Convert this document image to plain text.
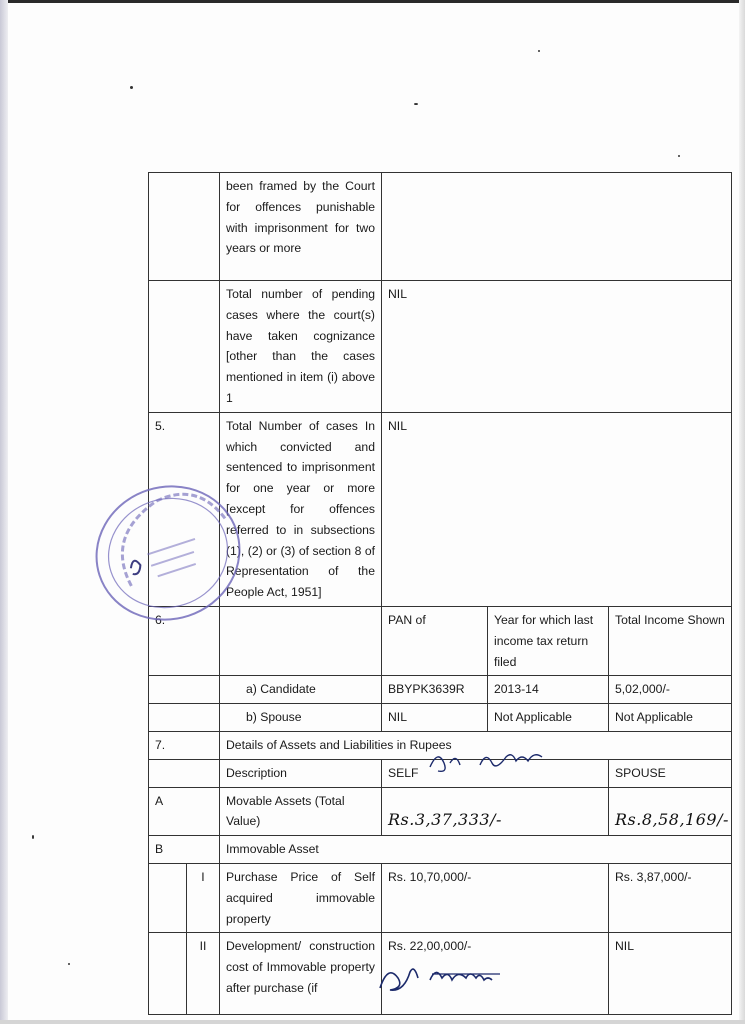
		been framed by the Court for offences punishable with imprisonment for two years or more			
		Total number of pending cases where the court(s) have taken cognizance [other than the cases mentioned in item (i) above 1	NIL		
5.		Total Number of cases In which convicted and sentenced to imprisonment for one year or more [except for offences referred to in subsections (1), (2) or (3) of section 8 of Representation of the People Act, 1951]	NIL		
6.			PAN of	Year for which last income tax return filed	Total Income Shown
		a) Candidate	BBYPK3639R	2013-14	5,02,000/-
		b) Spouse	NIL	Not Applicable	Not Applicable
7.		Details of Assets and Liabilities in Rupees			
		Description	SELF		SPOUSE
A		Movable Assets (Total Value)	Rs.3,37,333/-		Rs.8,58,169/-
B		Immovable Asset			
	I	Purchase Price of Self acquired immovable property	Rs. 10,70,000/-		Rs. 3,87,000/-
	II	Development/ construction cost of Immovable property after purchase (if	Rs. 22,00,000/-		NIL
